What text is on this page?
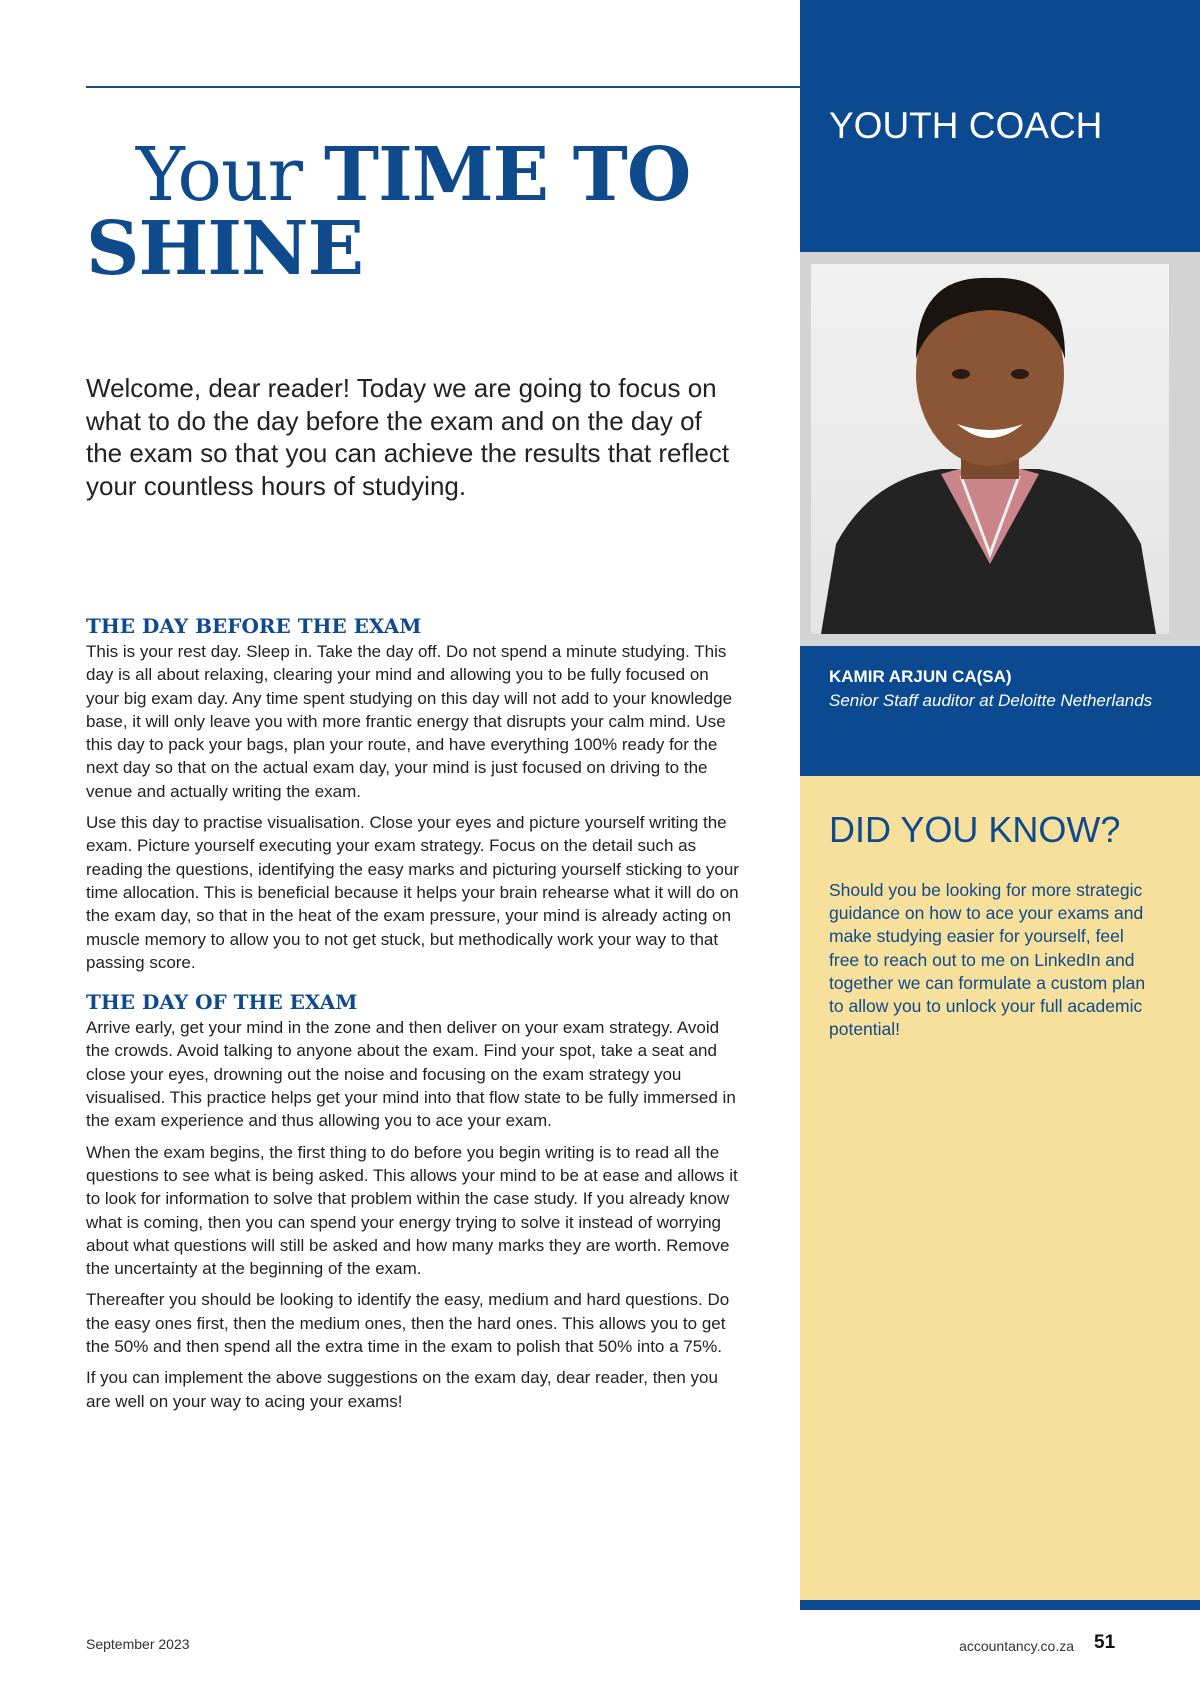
Your TIME TO SHINE

Welcome, dear reader! Today we are going to focus on what to do the day before the exam and on the day of the exam so that you can achieve the results that reflect your countless hours of studying.

THE DAY BEFORE THE EXAM

This is your rest day. Sleep in. Take the day off. Do not spend a minute studying. This day is all about relaxing, clearing your mind and allowing you to be fully focused on your big exam day. Any time spent studying on this day will not add to your knowledge base, it will only leave you with more frantic energy that disrupts your calm mind. Use this day to pack your bags, plan your route, and have everything 100% ready for the next day so that on the actual exam day, your mind is just focused on driving to the venue and actually writing the exam.

Use this day to practise visualisation. Close your eyes and picture yourself writing the exam. Picture yourself executing your exam strategy. Focus on the detail such as reading the questions, identifying the easy marks and picturing yourself sticking to your time allocation. This is beneficial because it helps your brain rehearse what it will do on the exam day, so that in the heat of the exam pressure, your mind is already acting on muscle memory to allow you to not get stuck, but methodically work your way to that passing score.

THE DAY OF THE EXAM

Arrive early, get your mind in the zone and then deliver on your exam strategy. Avoid the crowds. Avoid talking to anyone about the exam. Find your spot, take a seat and close your eyes, drowning out the noise and focusing on the exam strategy you visualised. This practice helps get your mind into that flow state to be fully immersed in the exam experience and thus allowing you to ace your exam.

When the exam begins, the first thing to do before you begin writing is to read all the questions to see what is being asked. This allows your mind to be at ease and allows it to look for information to solve that problem within the case study. If you already know what is coming, then you can spend your energy trying to solve it instead of worrying about what questions will still be asked and how many marks they are worth. Remove the uncertainty at the beginning of the exam.

Thereafter you should be looking to identify the easy, medium and hard questions. Do the easy ones first, then the medium ones, then the hard ones. This allows you to get the 50% and then spend all the extra time in the exam to polish that 50% into a 75%.

If you can implement the above suggestions on the exam day, dear reader, then you are well on your way to acing your exams!

YOUTH COACH

KAMIR ARJUN CA(SA)

Senior Staff auditor at Deloitte Netherlands

DID YOU KNOW?

Should you be looking for more strategic guidance on how to ace your exams and make studying easier for yourself, feel free to reach out to me on LinkedIn and together we can formulate a custom plan to allow you to unlock your full academic potential!

September 2023	accountancy.co.za 51
